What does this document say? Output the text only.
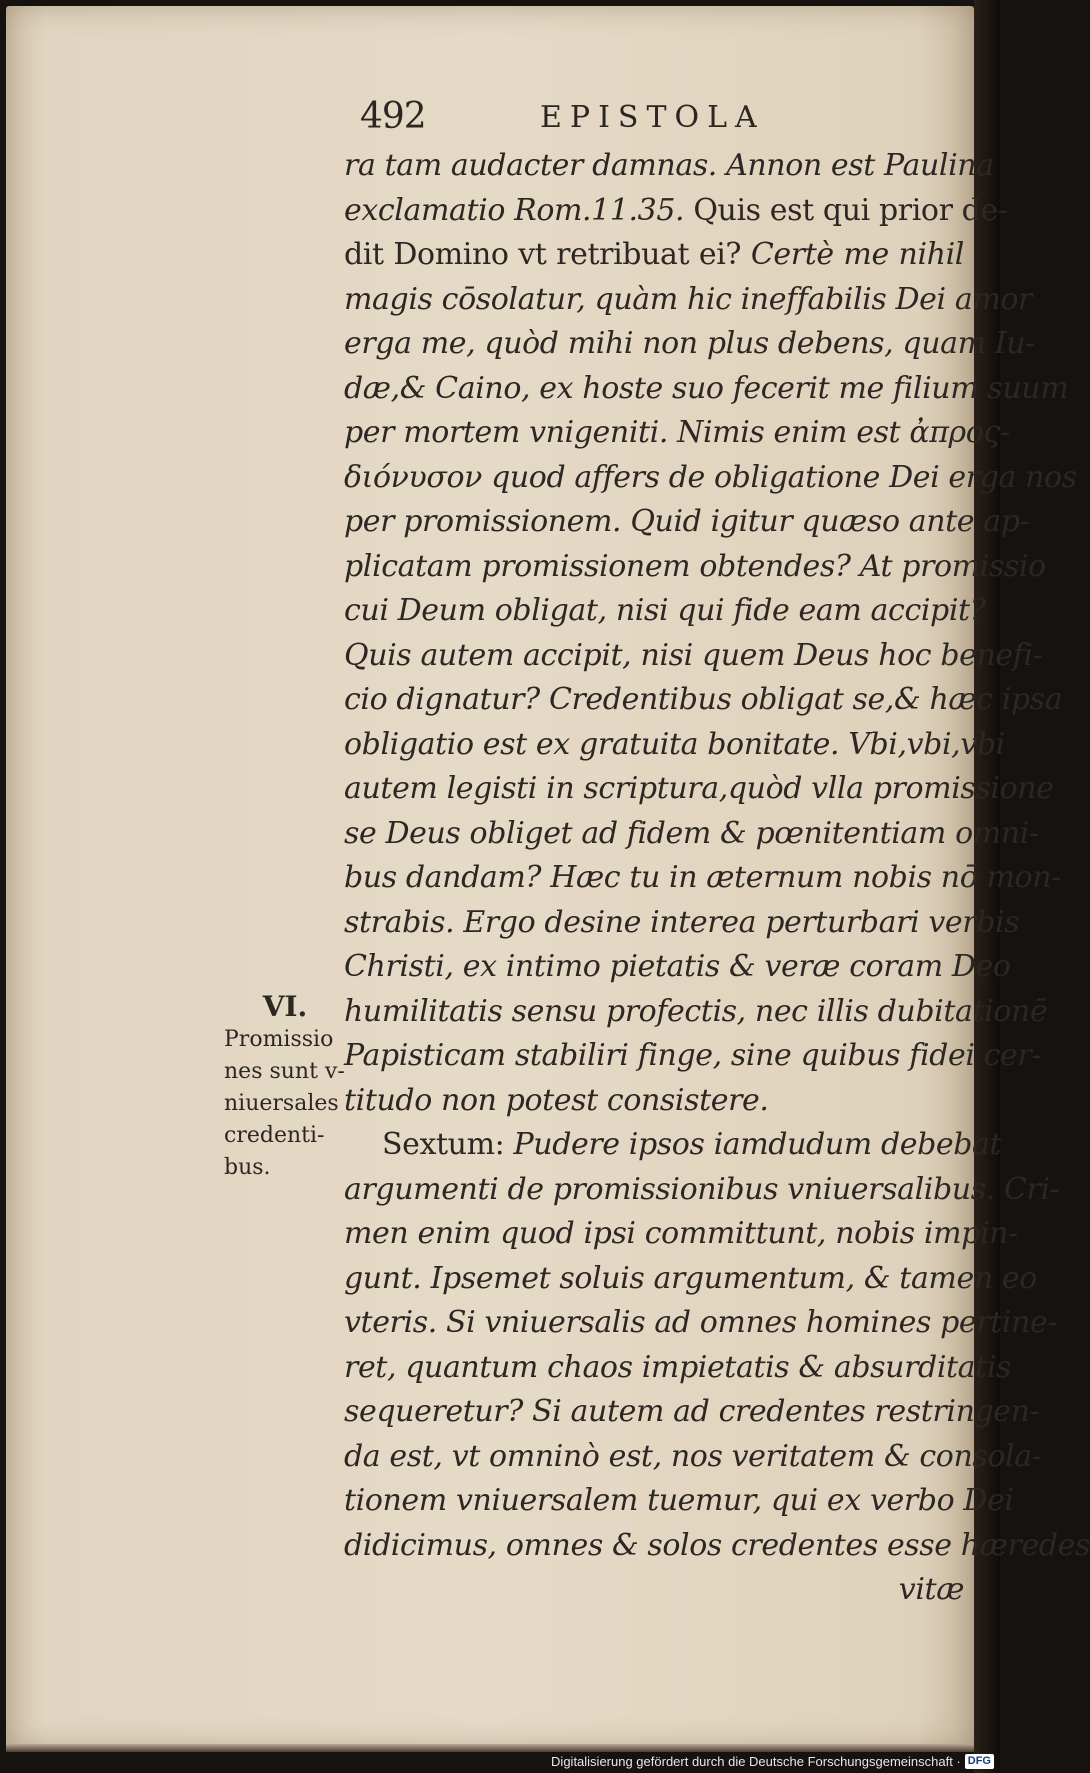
492	EPISTOLA
ra tam audacter damnas. Annon est Paulina
exclamatio Rom.11.35. Quis est qui prior de-
dit Domino vt retribuat ei? Certè me nihil
magis cōsolatur, quàm hic ineffabilis Dei amor
erga me, quòd mihi non plus debens, quam Iu-
dæ,& Caino, ex hoste suo fecerit me filium suum
per mortem vnigeniti. Nimis enim est ἀπρος-
διόνυσον quod affers de obligatione Dei erga nos
per promissionem. Quid igitur quæso ante ap-
plicatam promissionem obtendes? At promissio
cui Deum obligat, nisi qui fide eam accipit?
Quis autem accipit, nisi quem Deus hoc benefi-
cio dignatur? Credentibus obligat se,& hæc ipsa
obligatio est ex gratuita bonitate. Vbi,vbi,vbi
autem legisti in scriptura,quòd vlla promissione
se Deus obliget ad fidem & pœnitentiam omni-
bus dandam? Hæc tu in æternum nobis nō mon-
strabis. Ergo desine interea perturbari verbis
Christi, ex intimo pietatis & veræ coram Deo
humilitatis sensu profectis, nec illis dubitationē
Papisticam stabiliri finge, sine quibus fidei cer-
titudo non potest consistere.
Sextum: Pudere ipsos iamdudum debebat
argumenti de promissionibus vniuersalibus. Cri-
men enim quod ipsi committunt, nobis impin-
gunt. Ipsemet soluis argumentum, & tamen eo
vteris. Si vniuersalis ad omnes homines pertine-
ret, quantum chaos impietatis & absurditatis
sequeretur? Si autem ad credentes restringen-
da est, vt omninò est, nos veritatem & consola-
tionem vniuersalem tuemur, qui ex verbo Dei
didicimus, omnes & solos credentes esse hæredes
vitæ
VI.
Promissio
nes sunt v-
niuersales
credenti-
bus.
Digitalisierung gefördert durch die Deutsche Forschungsgemeinschaft · DFG
